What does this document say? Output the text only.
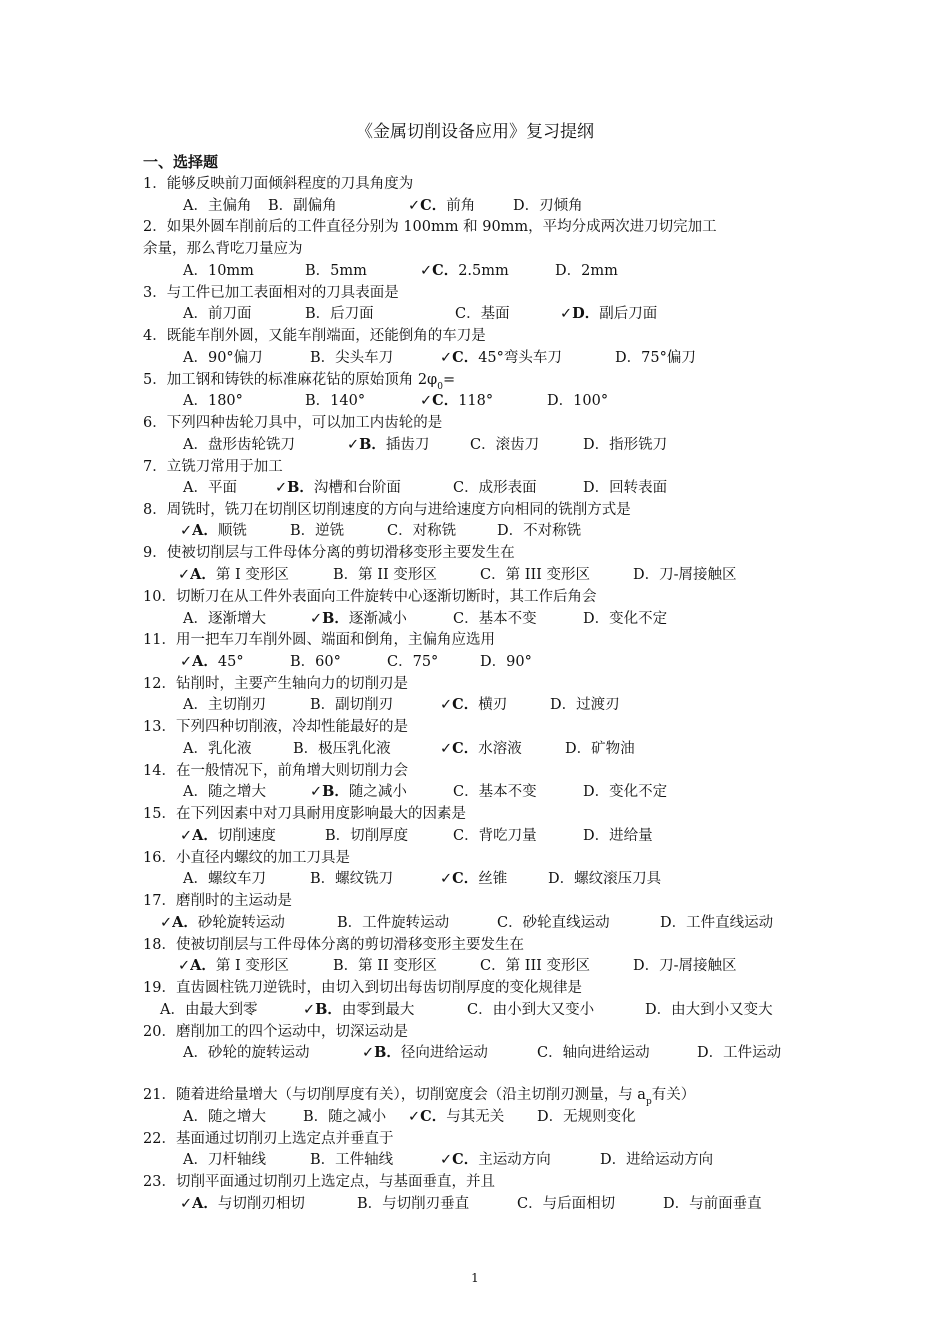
《金属切削设备应用》复习提纲
一、选择题
1．能够反映前刀面倾斜程度的刀具角度为
A．主偏角 B．副偏角	✓C．前角	D．刃倾角
2．如果外圆车削前后的工件直径分别为 100mm 和 90mm，平均分成两次进刀切完加工
余量，那么背吃刀量应为
A．10mm	B．5mm	✓C．2.5mm	D．2mm
3．与工件已加工表面相对的刀具表面是
A．前刀面	B．后刀面	C．基面	✓D．副后刀面
4．既能车削外圆，又能车削端面，还能倒角的车刀是
A．90°偏刀	B．尖头车刀	✓C．45°弯头车刀	D．75°偏刀
5．加工钢和铸铁的标准麻花钻的原始顶角 $2\varphi_0=$
A．180°	B．140°	✓C．118°	D．100°
6．下列四种齿轮刀具中，可以加工内齿轮的是
A．盘形齿轮铣刀	✓B．插齿刀	C．滚齿刀	D．指形铣刀
7．立铣刀常用于加工
A．平面	✓B．沟槽和台阶面	C．成形表面	D．回转表面
8．周铣时，铣刀在切削区切削速度的方向与进给速度方向相同的铣削方式是
✓A．顺铣	B．逆铣	C．对称铣	D．不对称铣
9．使被切削层与工件母体分离的剪切滑移变形主要发生在
✓A．第 I 变形区	B．第 II 变形区	C．第 III 变形区	D．刀-屑接触区
10．切断刀在从工件外表面向工件旋转中心逐渐切断时，其工作后角会
A．逐渐增大	✓B．逐渐减小	C．基本不变	D．变化不定
11．用一把车刀车削外圆、端面和倒角，主偏角应选用
✓A．45°	B．60°	C．75°	D．90°
12．钻削时，主要产生轴向力的切削刃是
A．主切削刃	B．副切削刃	✓C．横刃	D．过渡刃
13．下列四种切削液，冷却性能最好的是
A．乳化液	B．极压乳化液	✓C．水溶液	D．矿物油
14．在一般情况下，前角增大则切削力会
A．随之增大	✓B．随之减小	C．基本不变	D．变化不定
15．在下列因素中对刀具耐用度影响最大的因素是
✓A．切削速度	B．切削厚度	C．背吃刀量	D．进给量
16．小直径内螺纹的加工刀具是
A．螺纹车刀	B．螺纹铣刀	✓C．丝锥	D．螺纹滚压刀具
17．磨削时的主运动是
✓A．砂轮旋转运动	B．工件旋转运动	C．砂轮直线运动	D．工件直线运动
18．使被切削层与工件母体分离的剪切滑移变形主要发生在
✓A．第 I 变形区	B．第 II 变形区	C．第 III 变形区	D．刀-屑接触区
19．直齿圆柱铣刀逆铣时，由切入到切出每齿切削厚度的变化规律是
A．由最大到零	✓B．由零到最大	C．由小到大又变小	D．由大到小又变大
20．磨削加工的四个运动中，切深运动是
A．砂轮的旋转运动	✓B．径向进给运动	C．轴向进给运动	D．工件运动
21．随着进给量增大（与切削厚度有关），切削宽度会（沿主切削刃测量，与 $a_p$有关）
A．随之增大	B．随之减小 ✓C．与其无关 D．无规则变化
22．基面通过切削刃上选定点并垂直于
A．刀杆轴线	B．工件轴线	✓C．主运动方向	D．进给运动方向
23．切削平面通过切削刃上选定点，与基面垂直，并且
✓A．与切削刃相切	B．与切削刃垂直	C．与后面相切	D．与前面垂直
1
